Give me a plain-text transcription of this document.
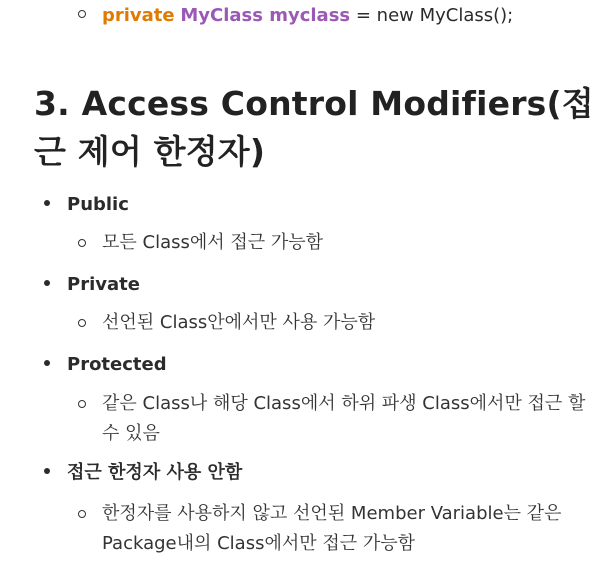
private MyClass myclass = new MyClass();
3. Access Control Modifiers(접근 제어 한정자)
Public
모든 Class에서 접근 가능함
Private
선언된 Class안에서만 사용 가능함
Protected
같은 Class나 해당 Class에서 하위 파생 Class에서만 접근 할 수 있음
접근 한정자 사용 안함
한정자를 사용하지 않고 선언된 Member Variable는 같은 Package내의 Class에서만 접근 가능함
